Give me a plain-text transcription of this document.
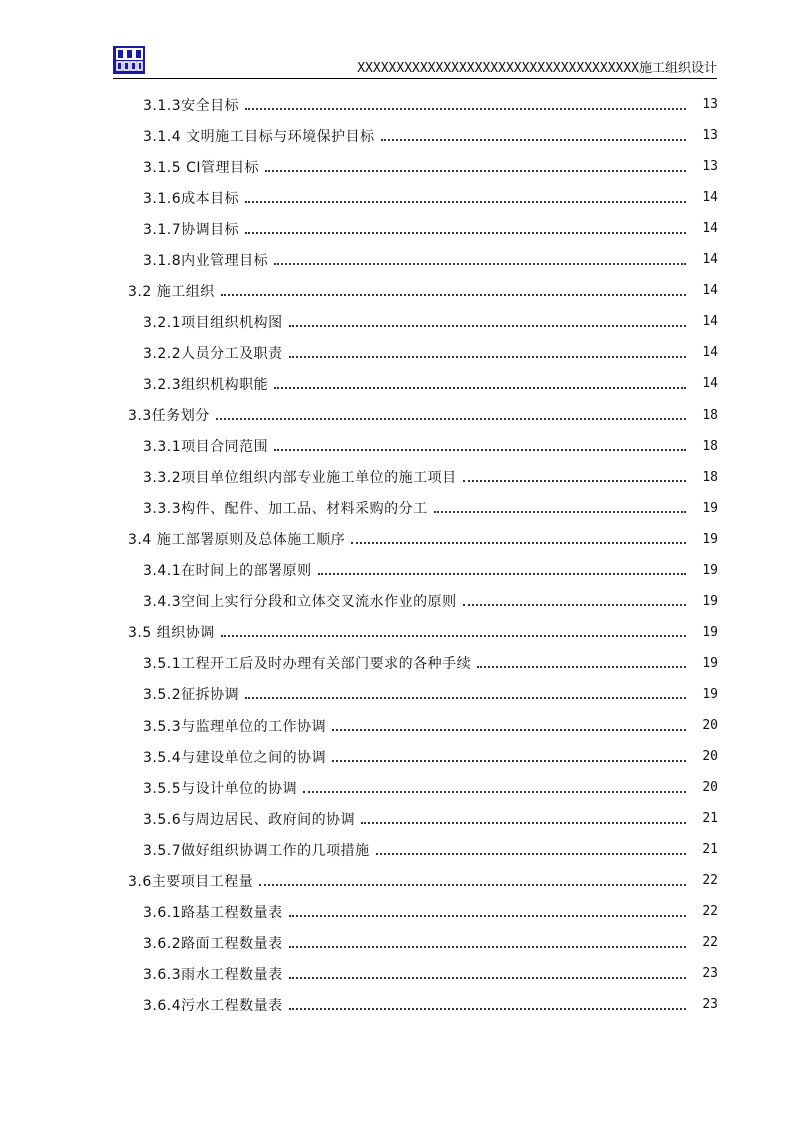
XXXXXXXXXXXXXXXXXXXXXXXXXXXXXXXXXXXX施工组织设计
3.1.3安全目标	13
3.1.4 文明施工目标与环境保护目标	13
3.1.5 CI管理目标	13
3.1.6成本目标	14
3.1.7协调目标	14
3.1.8内业管理目标	14
3.2 施工组织	14
3.2.1项目组织机构图	14
3.2.2人员分工及职责	14
3.2.3组织机构职能	14
3.3任务划分	18
3.3.1项目合同范围	18
3.3.2项目单位组织内部专业施工单位的施工项目	18
3.3.3构件、配件、加工品、材料采购的分工	19
3.4 施工部署原则及总体施工顺序	19
3.4.1在时间上的部署原则	19
3.4.3空间上实行分段和立体交叉流水作业的原则	19
3.5 组织协调	19
3.5.1工程开工后及时办理有关部门要求的各种手续	19
3.5.2征拆协调	19
3.5.3与监理单位的工作协调	20
3.5.4与建设单位之间的协调	20
3.5.5与设计单位的协调	20
3.5.6与周边居民、政府间的协调	21
3.5.7做好组织协调工作的几项措施	21
3.6主要项目工程量	22
3.6.1路基工程数量表	22
3.6.2路面工程数量表	22
3.6.3雨水工程数量表	23
3.6.4污水工程数量表	23
